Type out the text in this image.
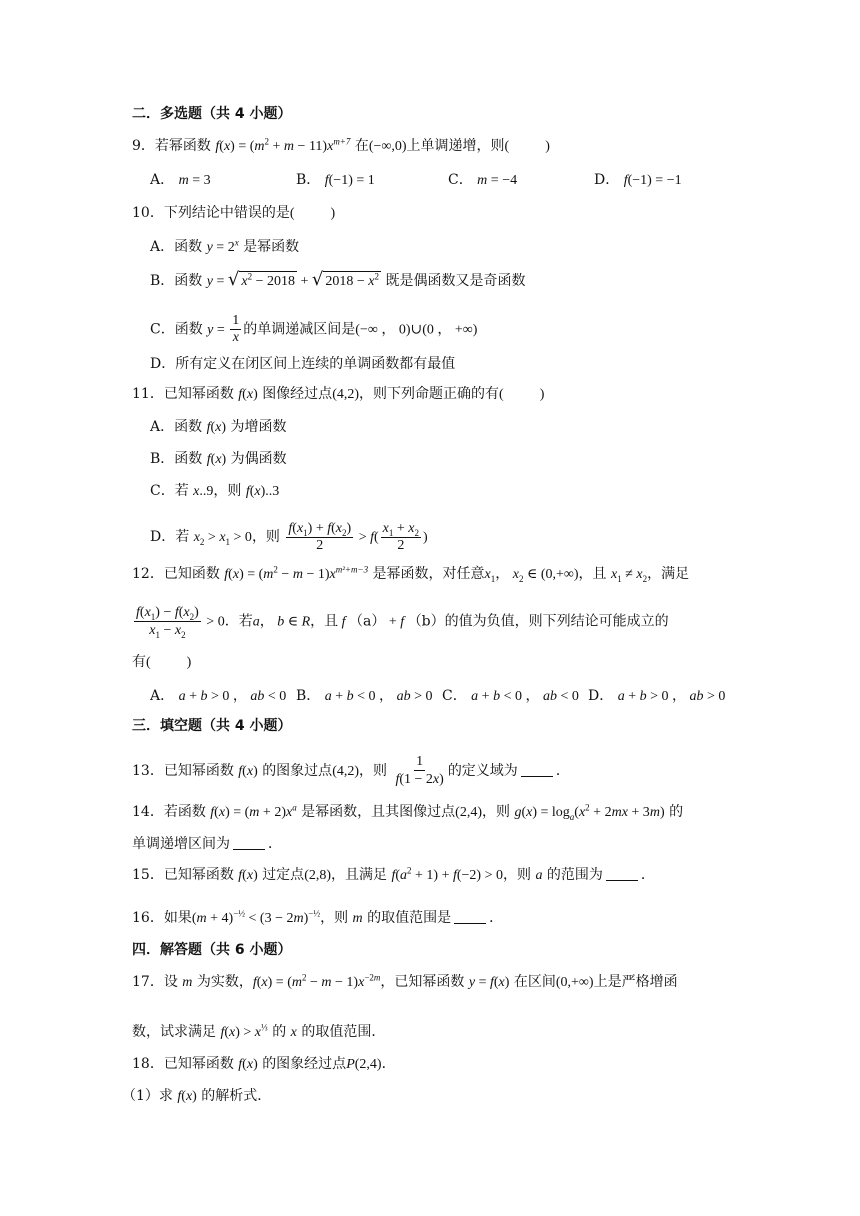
二．多选题（共 4 小题）
9．若幂函数 $f(x) = (m^2 + m - 11)x^{m+7}$ 在(−∞,0)上单调递增，则(	)
A． m = 3	B． f(−1) = 1	C． m = −4	D． f(−1) = −1
10．下列结论中错误的是(	)
A．函数 $y = 2^x$ 是幂函数
B．函数 y = √ $x^2 - 2018$ + √ $2018 - x^2$ 既是偶函数又是奇函数
C．函数 $y = \frac{1}{x}$ 的单调递减区间是(−∞ ， 0)∪(0 ， +∞)
D．所有定义在闭区间上连续的单调函数都有最值
11．已知幂函数 f(x) 图像经过点(4,2)，则下列命题正确的有(	)
A．函数 f(x) 为增函数
B．函数 f(x) 为偶函数
C．若 x..9，则 f(x)..3
D．若 $x_2 > x_1 > 0$，则 $\frac{f(x_1) + f(x_2)}{2} > f( \frac{x_1 + x_2}{2}$ )
12．已知函数 $f(x) = (m^2 - m - 1)x^{m^2+m-3}$ 是幂函数，对任意$x_1$， $x_2$ ∈ (0,+∞)，且 $x_1 \ne x_2$，满足
$\frac{f(x_1) - f(x_2)}{x_1 - x_2} > 0$．若a， b ∈ R，且 f （a） + f （b）的值为负值，则下列结论可能成立的
有(	)
A． a + b > 0 ， ab < 0 B． a + b < 0 ， ab > 0 C． a + b < 0 ， ab < 0 D． a + b > 0 ， ab > 0
三．填空题（共 4 小题）
13．已知幂函数 f(x) 的图象过点(4,2)，则 $\frac{1}{f(1 - 2x)}$ 的定义域为	．
14．若函数 $f(x) = (m + 2)x^a$ 是幂函数，且其图像过点(2,4)，则 $g(x) = \log_a(x^2 + 2mx + 3m)$ 的
单调递增区间为	．
15．已知幂函数 f(x) 过定点(2,8)，且满足 $f(a^2 + 1) + f(-2) > 0$，则 a 的范围为	．
16．如果$(m + 4)^{-\frac{1}{2}} < (3 - 2m)^{-\frac{1}{2}}$，则 m 的取值范围是	．
四．解答题（共 6 小题）
17．设 m 为实数，$f(x) = (m^2 - m - 1)x^{-2m}$，已知幂函数 y = f(x) 在区间(0,+∞)上是严格增函
数，试求满足 $f(x) > x^{\frac{1}{3}}$ 的 x 的取值范围．
18．已知幂函数 f(x) 的图象经过点P(2,4)．
（1）求 f(x) 的解析式．
